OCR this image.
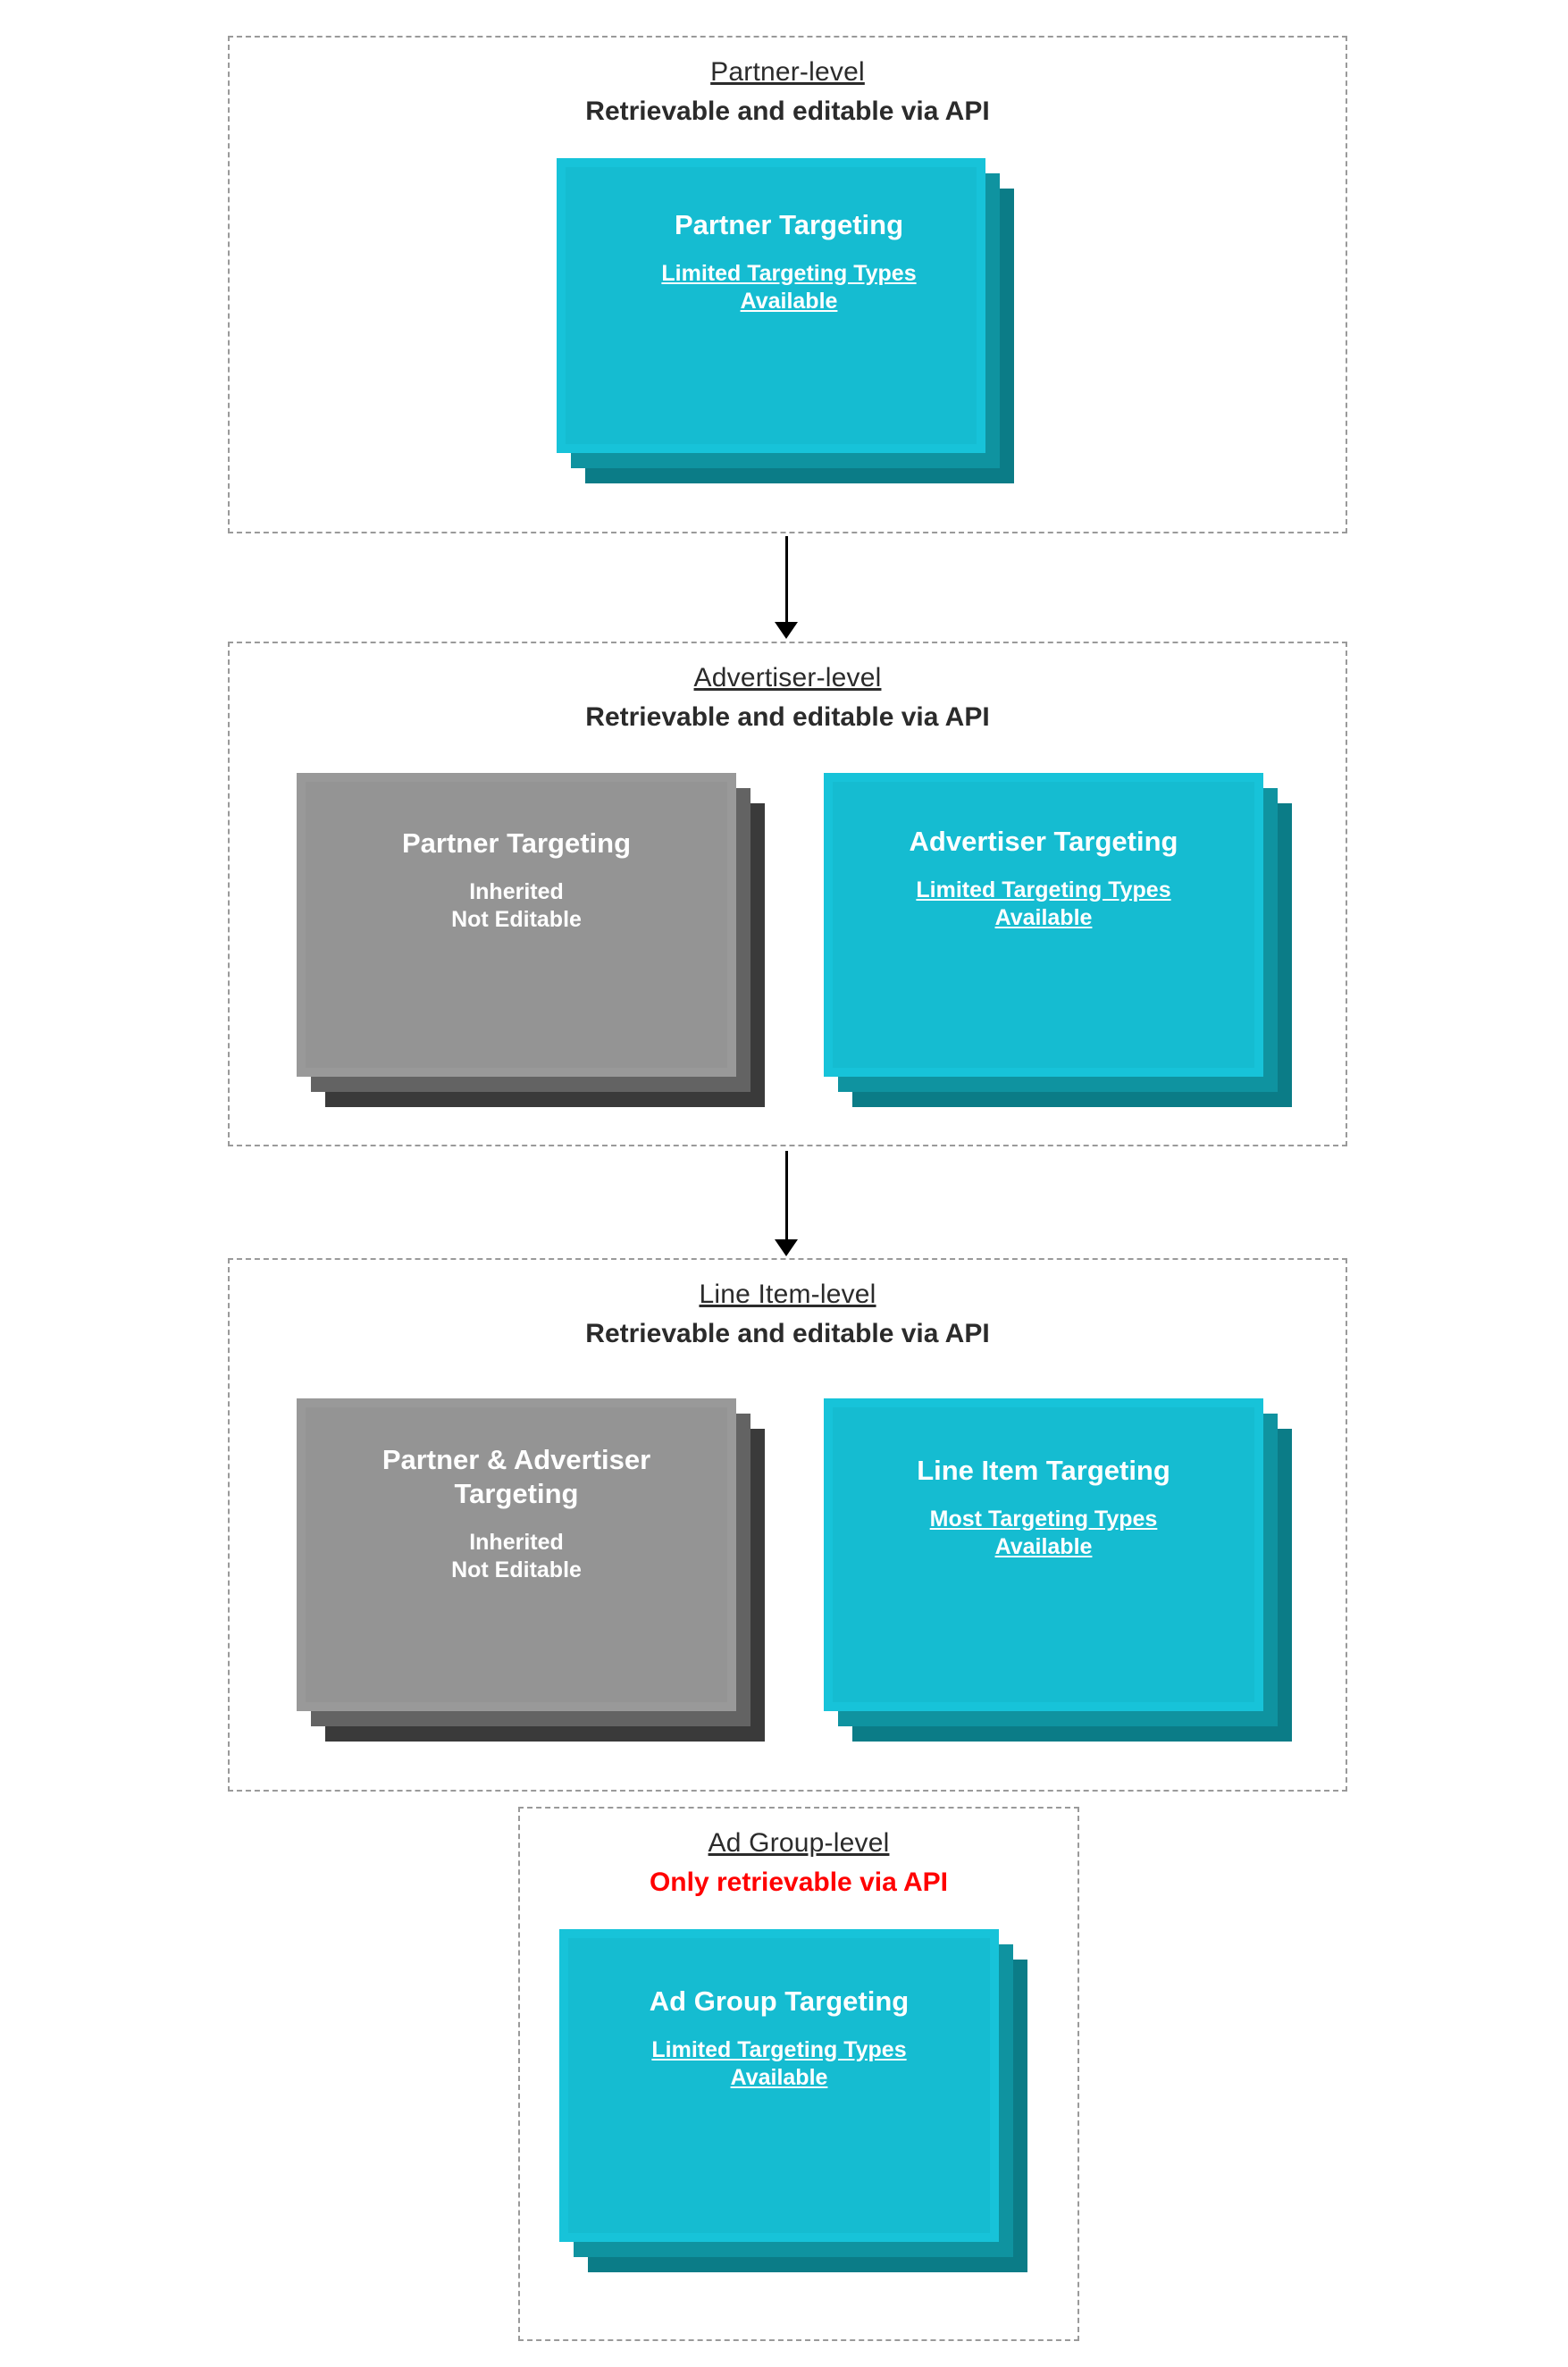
Partner-level
Retrievable and editable via API
Partner Targeting
Limited Targeting Types
Available
Advertiser-level
Retrievable and editable via API
Partner Targeting
Inherited
Not Editable
Advertiser Targeting
Limited Targeting Types
Available
Line Item-level
Retrievable and editable via API
Partner & Advertiser Targeting
Inherited
Not Editable
Line Item Targeting
Most Targeting Types
Available
Ad Group-level
Only retrievable via API
Ad Group Targeting
Limited Targeting Types
Available
